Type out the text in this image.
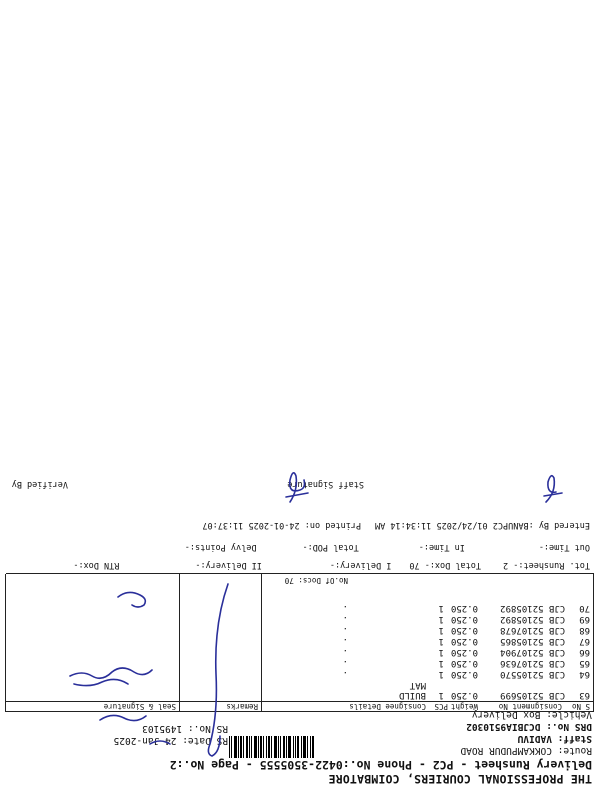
THE PROFESSIONAL COURIERS, COIMBATORE
Delivery Runsheet - PC2 - Phone No.:0422-3505555 - Page No.:2
Route: COKKAMPUDUR ROAD
Staff: VADIVU
DRS No.: DCJBIA9510302
Vehicle: Box Delivery
RS Date: 24-Jan-2025
RS No.: 1495103
S No
Consignment No
Weight
PCS
Consignee Details
Remarks
Seal & Signature
63CJB 52105699
0.250
1
BUILD MAT
64CJB 52105570
0.250
1
.
65CJB 52107636
0.250
1
.
66CJB 52107904
0.250
1
.
67CJB 52105865
0.250
1
.
68CJB 52107678
0.250
1
.
69CJB 52105892
0.250
1
.
70CJB 52105892
0.250
1
.
No.Of Docs: 70
Tot. Runsheet:- 2Total Dox:- 70I Delivery:-II Delivery:-RTN Dox:-
Out Time:-In Time:-Total POD:-Delvy Points:-
Entered By :BANUPC2 01/24/2025 11:34:14 AMPrinted on: 24-01-2025 11:37:07
Staff Signature
Verified By
